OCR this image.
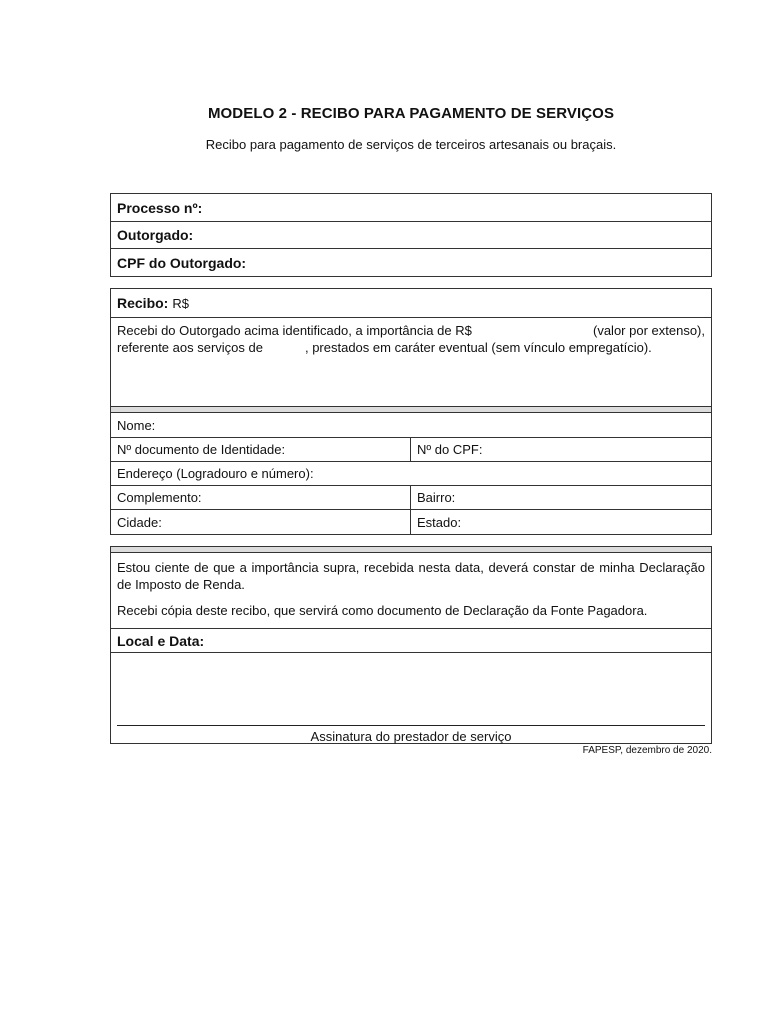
MODELO 2 - RECIBO PARA PAGAMENTO DE SERVIÇOS
Recibo para pagamento de serviços de terceiros artesanais ou braçais.
Processo nº:
Outorgado:
CPF do Outorgado:
Recibo: R$
Recebi do Outorgado acima identificado, a importância de R$	(valor por extenso),
referente aos serviços de	, prestados em caráter eventual (sem vínculo empregatício).
Nome:
Nº documento de Identidade:	Nº do CPF:
Endereço (Logradouro e número):
Complemento:	Bairro:
Cidade:	Estado:
Estou ciente de que a importância supra, recebida nesta data, deverá constar de minha Declaração de Imposto de Renda.
Recebi cópia deste recibo, que servirá como documento de Declaração da Fonte Pagadora.
Local e Data:
Assinatura do prestador de serviço
FAPESP, dezembro de 2020.
